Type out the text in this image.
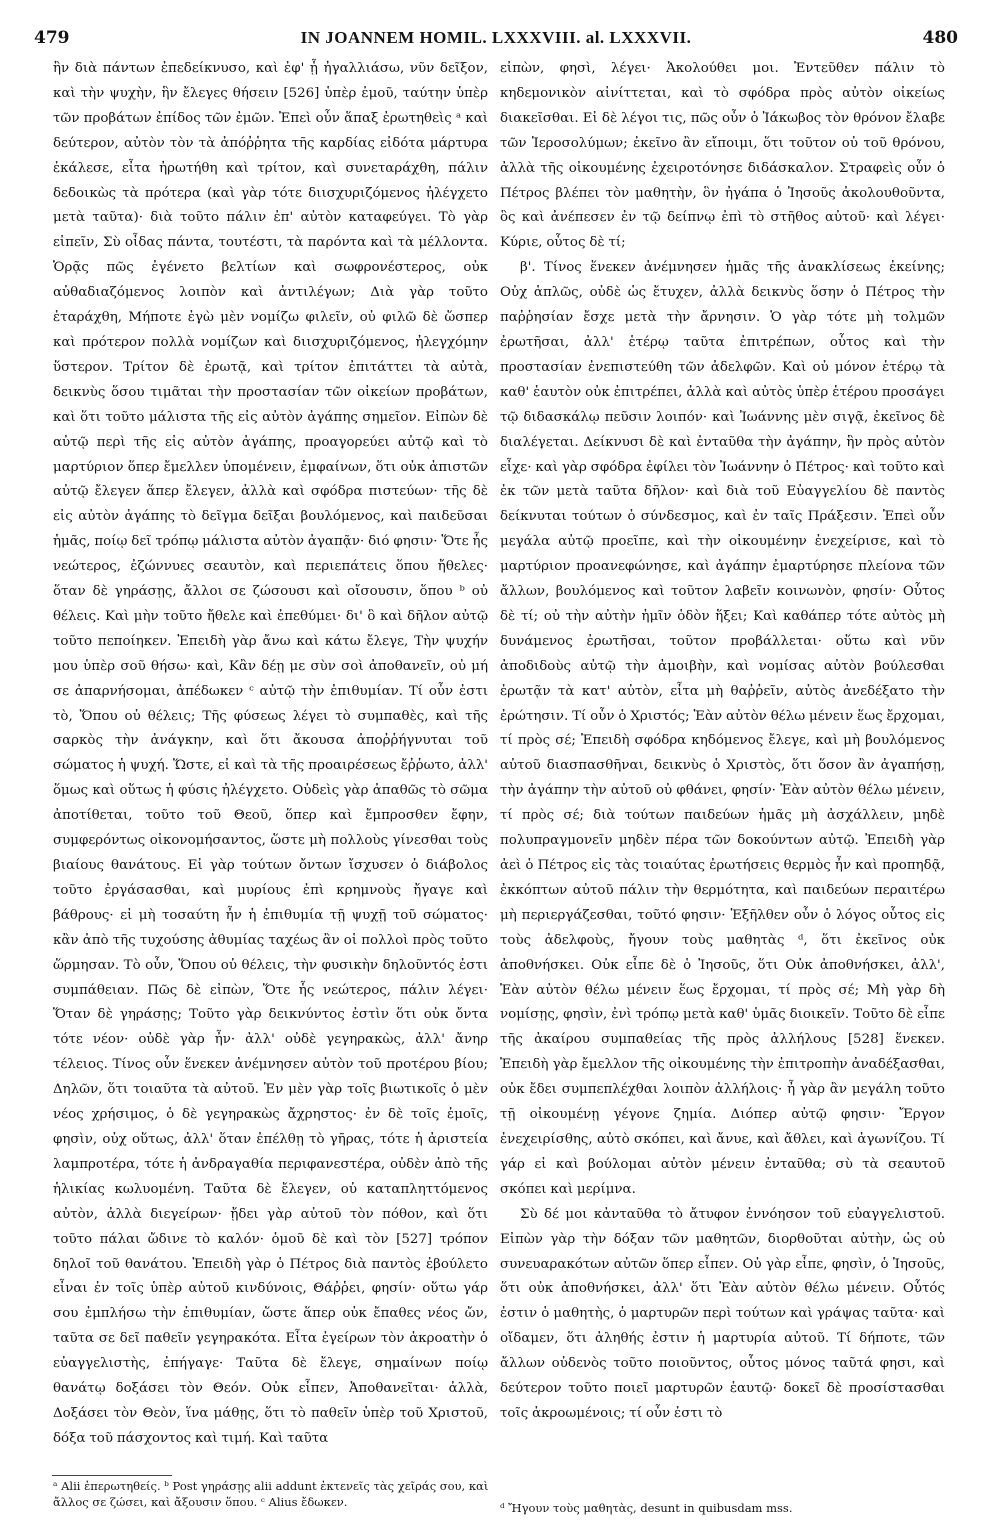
479	IN JOANNEM HOMIL. LXXXVIII. al. LXXXVII.	480

ἣν διὰ πάντων ἐπεδείκνυσο, καὶ ἐφ' ᾗ ἠγαλλιάσω, νῦν δεῖξον, καὶ τὴν ψυχὴν, ἣν ἔλεγες θήσειν [526] ὑπὲρ ἐμοῦ, ταύτην ὑπὲρ τῶν προβάτων ἐπίδος τῶν ἐμῶν. Ἐπεὶ οὖν ἅπαξ ἐρωτηθεὶς ᵃ καὶ δεύτερον, αὐτὸν τὸν τὰ ἀπόῤῥητα τῆς καρδίας εἰδότα μάρτυρα ἐκάλεσε, εἶτα ἠρωτήθη καὶ τρίτον, καὶ συνεταράχθη, πάλιν δεδοικὼς τὰ πρότερα (καὶ γὰρ τότε διισχυριζόμενος ἠλέγχετο μετὰ ταῦτα)· διὰ τοῦτο πάλιν ἐπ' αὐτὸν καταφεύγει. Τὸ γὰρ εἰπεῖν, Σὺ οἶδας πάντα, τουτέστι, τὰ παρόντα καὶ τὰ μέλλοντα. Ὁρᾷς πῶς ἐγένετο βελτίων καὶ σωφρονέστερος, οὐκ αὐθαδιαζόμενος λοιπὸν καὶ ἀντιλέγων; Διὰ γὰρ τοῦτο ἐταράχθη, Μήποτε ἐγὼ μὲν νομίζω φιλεῖν, οὐ φιλῶ δὲ ὥσπερ καὶ πρότερον πολλὰ νομίζων καὶ διισχυριζόμενος, ἠλεγχόμην ὕστερον. Τρίτον δὲ ἐρωτᾷ, καὶ τρίτον ἐπιτάττει τὰ αὐτὰ, δεικνὺς ὅσου τιμᾶται τὴν προστασίαν τῶν οἰκείων προβάτων, καὶ ὅτι τοῦτο μάλιστα τῆς εἰς αὐτὸν ἀγάπης σημεῖον. Εἰπὼν δὲ αὐτῷ περὶ τῆς εἰς αὐτὸν ἀγάπης, προαγορεύει αὐτῷ καὶ τὸ μαρτύριον ὅπερ ἔμελλεν ὑπομένειν, ἐμφαίνων, ὅτι οὐκ ἀπιστῶν αὐτῷ ἔλεγεν ἅπερ ἔλεγεν, ἀλλὰ καὶ σφόδρα πιστεύων· τῆς δὲ εἰς αὐτὸν ἀγάπης τὸ δεῖγμα δεῖξαι βουλόμενος, καὶ παιδεῦσαι ἡμᾶς, ποίῳ δεῖ τρόπῳ μάλιστα αὐτὸν ἀγαπᾷν· διό φησιν· Ὅτε ἧς νεώτερος, ἐζώννυες σεαυτὸν, καὶ περιεπάτεις ὅπου ἤθελες· ὅταν δὲ γηράσῃς, ἄλλοι σε ζώσουσι καὶ οἴσουσιν, ὅπου ᵇ οὐ θέλεις. Καὶ μὴν τοῦτο ἤθελε καὶ ἐπεθύμει· δι' ὃ καὶ δῆλον αὐτῷ τοῦτο πεποίηκεν. Ἐπειδὴ γὰρ ἄνω καὶ κάτω ἔλεγε, Τὴν ψυχήν μου ὑπὲρ σοῦ θήσω· καὶ, Κἂν δέῃ με σὺν σοὶ ἀποθανεῖν, οὐ μή σε ἀπαρνήσομαι, ἀπέδωκεν ᶜ αὐτῷ τὴν ἐπιθυμίαν. Τί οὖν ἐστι τὸ, Ὅπου οὐ θέλεις; Τῆς φύσεως λέγει τὸ συμπαθὲς, καὶ τῆς σαρκὸς τὴν ἀνάγκην, καὶ ὅτι ἄκουσα ἀποῤῥήγνυται τοῦ σώματος ἡ ψυχή. Ὥστε, εἰ καὶ τὰ τῆς προαιρέσεως ἔῤῥωτο, ἀλλ' ὅμως καὶ οὕτως ἡ φύσις ἠλέγχετο. Οὐδεὶς γὰρ ἀπαθῶς τὸ σῶμα ἀποτίθεται, τοῦτο τοῦ Θεοῦ, ὅπερ καὶ ἔμπροσθεν ἔφην, συμφερόντως οἰκονομήσαντος, ὥστε μὴ πολλοὺς γίνεσθαι τοὺς βιαίους θανάτους. Εἰ γὰρ τούτων ὄντων ἴσχυσεν ὁ διάβολος τοῦτο ἐργάσασθαι, καὶ μυρίους ἐπὶ κρημνοὺς ἤγαγε καὶ βάθρους· εἰ μὴ τοσαύτη ἦν ἡ ἐπιθυμία τῇ ψυχῇ τοῦ σώματος· κἂν ἀπὸ τῆς τυχούσης ἀθυμίας ταχέως ἂν οἱ πολλοὶ πρὸς τοῦτο ὥρμησαν. Τὸ οὖν, Ὅπου οὐ θέλεις, τὴν φυσικὴν δηλοῦντός ἐστι συμπάθειαν. Πῶς δὲ εἰπὼν, Ὅτε ἧς νεώτερος, πάλιν λέγει· Ὅταν δὲ γηράσῃς; Τοῦτο γὰρ δεικνύντος ἐστὶν ὅτι οὐκ ὄντα τότε νέον· οὐδὲ γὰρ ἦν· ἀλλ' οὐδὲ γεγηρακὼς, ἀλλ' ἄνηρ τέλειος. Τίνος οὖν ἕνεκεν ἀνέμνησεν αὐτὸν τοῦ προτέρου βίου; Δηλῶν, ὅτι τοιαῦτα τὰ αὐτοῦ. Ἐν μὲν γὰρ τοῖς βιωτικοῖς ὁ μὲν νέος χρήσιμος, ὁ δὲ γεγηρακὼς ἄχρηστος· ἐν δὲ τοῖς ἐμοῖς, φησὶν, οὐχ οὕτως, ἀλλ' ὅταν ἐπέλθῃ τὸ γῆρας, τότε ἡ ἀριστεία λαμπροτέρα, τότε ἡ ἀνδραγαθία περιφανεστέρα, οὐδὲν ἀπὸ τῆς ἡλικίας κωλυομένη. Ταῦτα δὲ ἔλεγεν, οὐ καταπληττόμενος αὐτὸν, ἀλλὰ διεγείρων· ᾔδει γὰρ αὐτοῦ τὸν πόθον, καὶ ὅτι τοῦτο πάλαι ὤδινε τὸ καλόν· ὁμοῦ δὲ καὶ τὸν [527] τρόπον δηλοῖ τοῦ θανάτου. Ἐπειδὴ γὰρ ὁ Πέτρος διὰ παντὸς ἐβούλετο εἶναι ἐν τοῖς ὑπὲρ αὐτοῦ κινδύνοις, Θάῤῥει, φησίν· οὕτω γάρ σου ἐμπλήσω τὴν ἐπιθυμίαν, ὥστε ἅπερ οὐκ ἔπαθες νέος ὤν, ταῦτα σε δεῖ παθεῖν γεγηρακότα. Εἶτα ἐγείρων τὸν ἀκροατὴν ὁ εὐαγγελιστὴς, ἐπήγαγε· Ταῦτα δὲ ἔλεγε, σημαίνων ποίῳ θανάτῳ δοξάσει τὸν Θεόν. Οὐκ εἶπεν, Ἀποθανεῖται· ἀλλὰ, Δοξάσει τὸν Θεὸν, ἵνα μάθῃς, ὅτι τὸ παθεῖν ὑπὲρ τοῦ Χριστοῦ, δόξα τοῦ πάσχοντος καὶ τιμή. Καὶ ταῦτα

εἰπὼν, φησὶ, λέγει· Ἀκολούθει μοι. Ἐντεῦθεν πάλιν τὸ κηδεμονικὸν αἰνίττεται, καὶ τὸ σφόδρα πρὸς αὐτὸν οἰκείως διακεῖσθαι. Εἰ δὲ λέγοι τις, πῶς οὖν ὁ Ἰάκωβος τὸν θρόνον ἔλαβε τῶν Ἱεροσολύμων; ἐκεῖνο ἂν εἴποιμι, ὅτι τοῦτον οὐ τοῦ θρόνου, ἀλλὰ τῆς οἰκουμένης ἐχειροτόνησε διδάσκαλον. Στραφεὶς οὖν ὁ Πέτρος βλέπει τὸν μαθητὴν, ὃν ἠγάπα ὁ Ἰησοῦς ἀκολουθοῦντα, ὃς καὶ ἀνέπεσεν ἐν τῷ δείπνῳ ἐπὶ τὸ στῆθος αὐτοῦ· καὶ λέγει· Κύριε, οὗτος δὲ τί;

β'. Τίνος ἕνεκεν ἀνέμνησεν ἡμᾶς τῆς ἀνακλίσεως ἐκείνης; Οὐχ ἁπλῶς, οὐδὲ ὡς ἔτυχεν, ἀλλὰ δεικνὺς ὅσην ὁ Πέτρος τὴν παῤῥησίαν ἔσχε μετὰ τὴν ἄρνησιν. Ὁ γὰρ τότε μὴ τολμῶν ἐρωτῆσαι, ἀλλ' ἑτέρῳ ταῦτα ἐπιτρέπων, οὗτος καὶ τὴν προστασίαν ἐνεπιστεύθη τῶν ἀδελφῶν. Καὶ οὐ μόνον ἑτέρῳ τὰ καθ' ἑαυτὸν οὐκ ἐπιτρέπει, ἀλλὰ καὶ αὐτὸς ὑπὲρ ἑτέρου προσάγει τῷ διδασκάλῳ πεῦσιν λοιπόν· καὶ Ἰωάννης μὲν σιγᾷ, ἐκεῖνος δὲ διαλέγεται. Δείκνυσι δὲ καὶ ἐνταῦθα τὴν ἀγάπην, ἣν πρὸς αὐτὸν εἶχε· καὶ γὰρ σφόδρα ἐφίλει τὸν Ἰωάννην ὁ Πέτρος· καὶ τοῦτο καὶ ἐκ τῶν μετὰ ταῦτα δῆλον· καὶ διὰ τοῦ Εὐαγγελίου δὲ παντὸς δείκνυται τούτων ὁ σύνδεσμος, καὶ ἐν ταῖς Πράξεσιν. Ἐπεὶ οὖν μεγάλα αὐτῷ προεῖπε, καὶ τὴν οἰκουμένην ἐνεχείρισε, καὶ τὸ μαρτύριον προανεφώνησε, καὶ ἀγάπην ἐμαρτύρησε πλείονα τῶν ἄλλων, βουλόμενος καὶ τοῦτον λαβεῖν κοινωνὸν, φησίν· Οὗτος δὲ τί; οὐ τὴν αὐτὴν ἡμῖν ὁδὸν ἥξει; Καὶ καθάπερ τότε αὐτὸς μὴ δυνάμενος ἐρωτῆσαι, τοῦτον προβάλλεται· οὕτω καὶ νῦν ἀποδιδοὺς αὐτῷ τὴν ἀμοιβὴν, καὶ νομίσας αὐτὸν βούλεσθαι ἐρωτᾷν τὰ κατ' αὐτὸν, εἶτα μὴ θαῤῥεῖν, αὐτὸς ἀνεδέξατο τὴν ἐρώτησιν. Τί οὖν ὁ Χριστός; Ἐὰν αὐτὸν θέλω μένειν ἕως ἔρχομαι, τί πρὸς σέ; Ἐπειδὴ σφόδρα κηδόμενος ἔλεγε, καὶ μὴ βουλόμενος αὐτοῦ διασπασθῆναι, δεικνὺς ὁ Χριστὸς, ὅτι ὅσον ἂν ἀγαπήσῃ, τὴν ἀγάπην τὴν αὐτοῦ οὐ φθάνει, φησίν· Ἐὰν αὐτὸν θέλω μένειν, τί πρὸς σέ; διὰ τούτων παιδεύων ἡμᾶς μὴ ἀσχάλλειν, μηδὲ πολυπραγμονεῖν μηδὲν πέρα τῶν δοκούντων αὐτῷ. Ἐπειδὴ γὰρ ἀεὶ ὁ Πέτρος εἰς τὰς τοιαύτας ἐρωτήσεις θερμὸς ἦν καὶ προπηδᾷ, ἐκκόπτων αὐτοῦ πάλιν τὴν θερμότητα, καὶ παιδεύων περαιτέρω μὴ περιεργάζεσθαι, τοῦτό φησιν· Ἐξῆλθεν οὖν ὁ λόγος οὗτος εἰς τοὺς ἀδελφοὺς, ἤγουν τοὺς μαθητὰς ᵈ, ὅτι ἐκεῖνος οὐκ ἀποθνήσκει. Οὐκ εἶπε δὲ ὁ Ἰησοῦς, ὅτι Οὐκ ἀποθνήσκει, ἀλλ', Ἐὰν αὐτὸν θέλω μένειν ἕως ἔρχομαι, τί πρὸς σέ; Μὴ γὰρ δὴ νομίσῃς, φησὶν, ἐνὶ τρόπῳ μετὰ καθ' ὑμᾶς διοικεῖν. Τοῦτο δὲ εἶπε τῆς ἀκαίρου συμπαθείας τῆς πρὸς ἀλλήλους [528] ἕνεκεν. Ἐπειδὴ γὰρ ἔμελλον τῆς οἰκουμένης τὴν ἐπιτροπὴν ἀναδέξασθαι, οὐκ ἔδει συμπεπλέχθαι λοιπὸν ἀλλήλοις· ἦ γὰρ ἂν μεγάλη τοῦτο τῇ οἰκουμένῃ γέγονε ζημία. Διόπερ αὐτῷ φησιν· Ἔργον ἐνεχειρίσθης, αὐτὸ σκόπει, καὶ ἄνυε, καὶ ἄθλει, καὶ ἀγωνίζου. Τί γάρ εἰ καὶ βούλομαι αὐτὸν μένειν ἐνταῦθα; σὺ τὰ σεαυτοῦ σκόπει καὶ μερίμνα.

Σὺ δέ μοι κἀνταῦθα τὸ ἄτυφον ἐννόησον τοῦ εὐαγγελιστοῦ. Εἰπὼν γὰρ τὴν δόξαν τῶν μαθητῶν, διορθοῦται αὐτὴν, ὡς οὐ συνευαρακότων αὐτῶν ὅπερ εἶπεν. Οὐ γὰρ εἶπε, φησὶν, ὁ Ἰησοῦς, ὅτι οὐκ ἀποθνήσκει, ἀλλ' ὅτι Ἐὰν αὐτὸν θέλω μένειν. Οὗτός ἐστιν ὁ μαθητὴς, ὁ μαρτυρῶν περὶ τούτων καὶ γράψας ταῦτα· καὶ οἴδαμεν, ὅτι ἀληθής ἐστιν ἡ μαρτυρία αὐτοῦ. Τί δήποτε, τῶν ἄλλων οὐδενὸς τοῦτο ποιοῦντος, οὗτος μόνος ταῦτά φησι, καὶ δεύτερον τοῦτο ποιεῖ μαρτυρῶν ἑαυτῷ· δοκεῖ δὲ προσίστασθαι τοῖς ἀκροωμένοις; τί οὖν ἐστι τὸ

ᵃ Alii ἐπερωτηθείς. ᵇ Post γηράσῃς alii addunt ἐκτενεῖς τὰς χεῖράς σου, καὶ ἄλλος σε ζώσει, καὶ ἄξουσιν ὅπου. ᶜ Alius ἔδωκεν.	ᵈ Ἤγουν τοὺς μαθητὰς, desunt in quibusdam mss.
